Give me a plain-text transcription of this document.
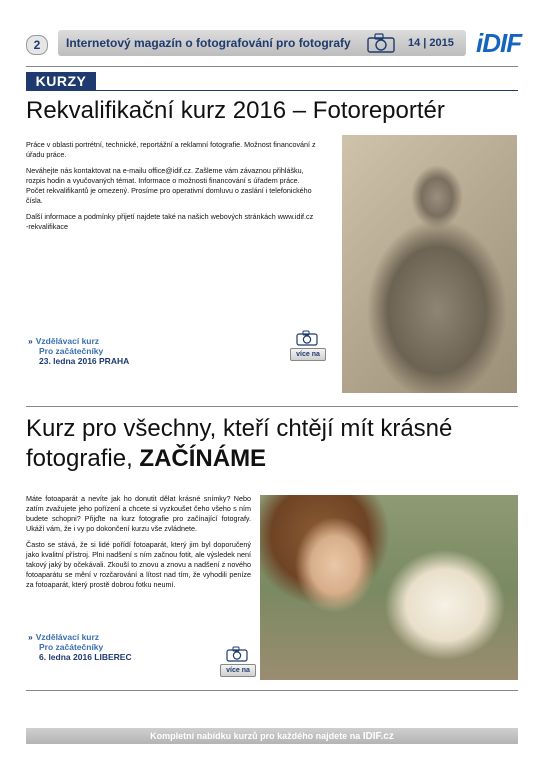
2	Internetový magazín o fotografování pro fotografy	14 | 2015 iDIF
KURZY
Rekvalifikační kurz 2016 – Fotoreportér

Práce v oblasti portrétní, technické, reportážní a reklamní fotografie. Možnost financování z úřadu práce.

Neváhejte nás kontaktovat na e-mailu office@idif.cz. Zašleme vám závaznou přihlášku, rozpis hodin a vyučovaných témat. Informace o možnosti financování s úřadem práce. Počet rekvalifikantů je omezený. Prosíme pro operativní domluvu o zaslání i telefonického čísla.

Další informace a podmínky přijetí najdete také na našich webových stránkách www.idif.cz -rekvalifikace

» Vzdělávací kurz
Pro začátečníky
23. ledna 2016 PRAHA
více na
Kurz pro všechny, kteří chtějí mít krásné
fotografie, ZAČÍNÁME

Máte fotoaparát a nevíte jak ho donutit dělat krásné snímky? Nebo zatím zvažujete jeho pořízení a chcete si vyzkoušet čeho všeho s ním budete schopni? Přijďte na kurz fotografie pro začínající fotografy. Ukáží vám, že i vy po dokončení kurzu vše zvládnete.

Často se stává, že si lidé pořídí fotoaparát, který jim byl doporučený jako kvalitní přístroj. Plni nadšení s ním začnou fotit, ale výsledek není takový jaký by očekávali. Zkouší to znovu a znovu a nadšení z nového fotoaparátu se mění v rozčarování a lítost nad tím, že vyhodili peníze za fotoaparát, který prostě dobrou fotku neumí.

» Vzdělávací kurz
Pro začátečníky
6. ledna 2016 LIBEREC
více na
Kompletní nabídku kurzů pro každého najdete na IDIF.cz
